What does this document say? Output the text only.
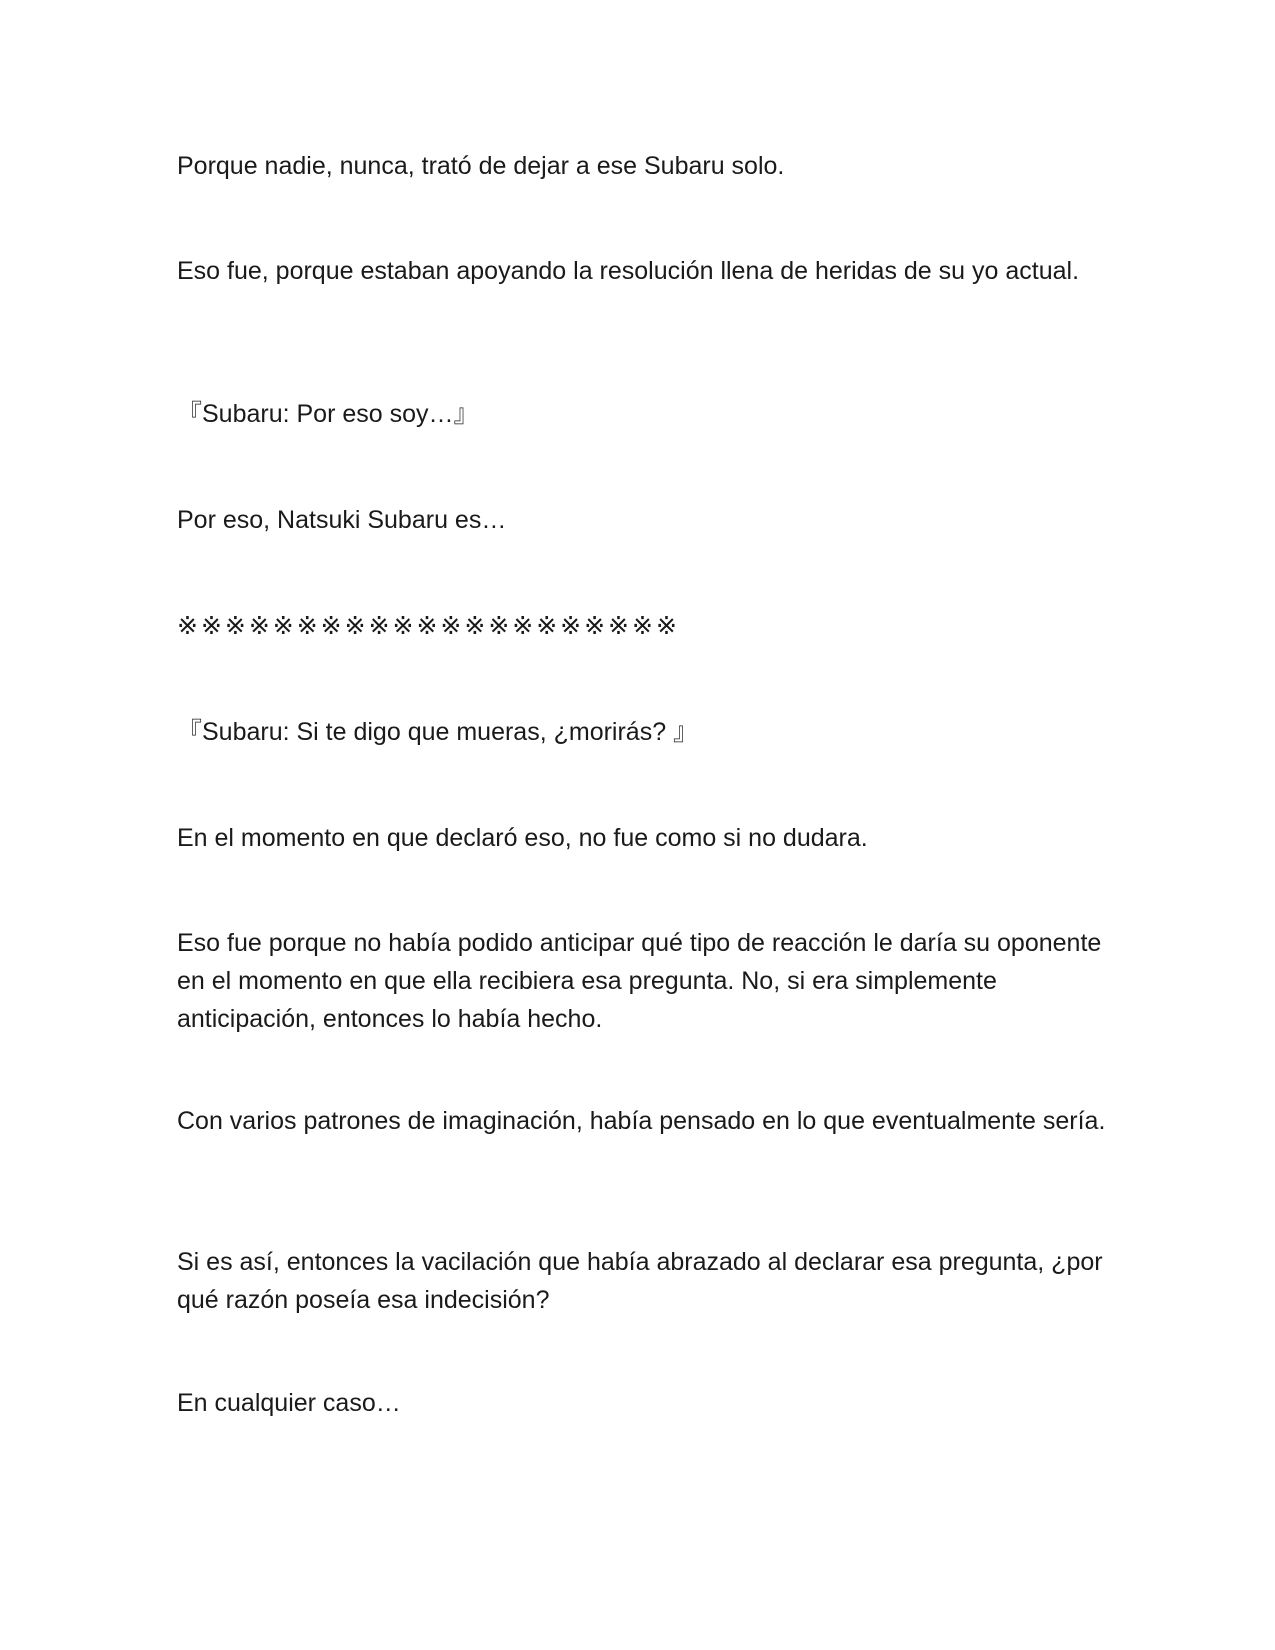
Porque nadie, nunca, trató de dejar a ese Subaru solo.

Eso fue, porque estaban apoyando la resolución llena de heridas de su yo actual.

『Subaru: Por eso soy…』

Por eso, Natsuki Subaru es…

※※※※※※※※※※※※※※※※※※※※※

『Subaru: Si te digo que mueras, ¿morirás? 』

En el momento en que declaró eso, no fue como si no dudara.

Eso fue porque no había podido anticipar qué tipo de reacción le daría su oponente en el momento en que ella recibiera esa pregunta. No, si era simplemente anticipación, entonces lo había hecho.

Con varios patrones de imaginación, había pensado en lo que eventualmente sería.

Si es así, entonces la vacilación que había abrazado al declarar esa pregunta, ¿por qué razón poseía esa indecisión?

En cualquier caso…
